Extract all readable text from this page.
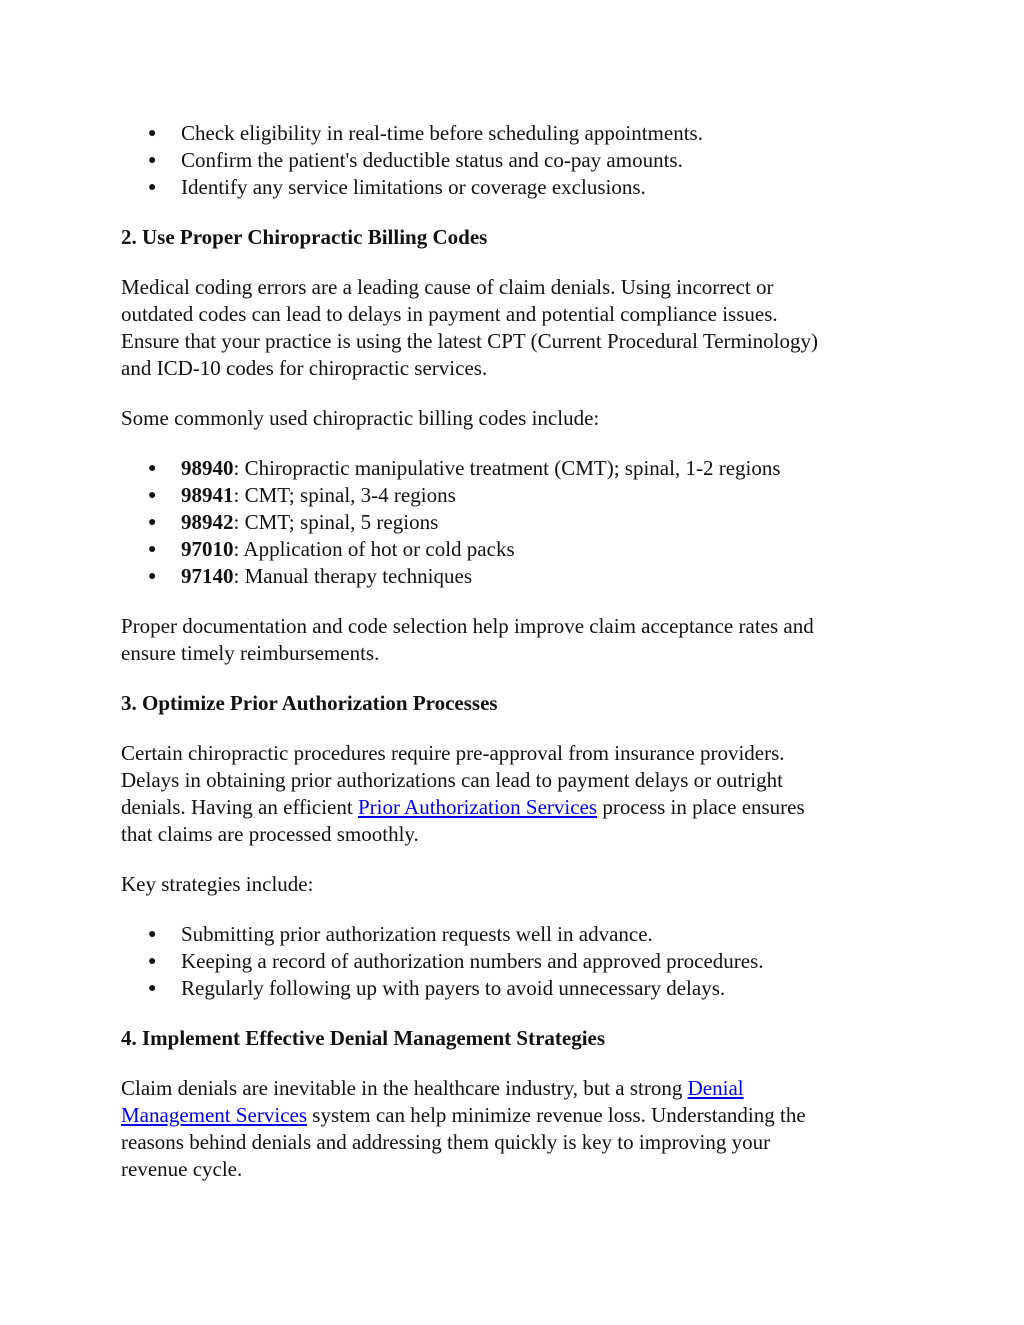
● Check eligibility in real-time before scheduling appointments.
● Confirm the patient's deductible status and co-pay amounts.
● Identify any service limitations or coverage exclusions.
2. Use Proper Chiropractic Billing Codes

Medical coding errors are a leading cause of claim denials. Using incorrect or
outdated codes can lead to delays in payment and potential compliance issues.
Ensure that your practice is using the latest CPT (Current Procedural Terminology)
and ICD-10 codes for chiropractic services.

Some commonly used chiropractic billing codes include:

● 98940: Chiropractic manipulative treatment (CMT); spinal, 1-2 regions
● 98941: CMT; spinal, 3-4 regions
● 98942: CMT; spinal, 5 regions
● 97010: Application of hot or cold packs
● 97140: Manual therapy techniques

Proper documentation and code selection help improve claim acceptance rates and
ensure timely reimbursements.

3. Optimize Prior Authorization Processes

Certain chiropractic procedures require pre-approval from insurance providers.
Delays in obtaining prior authorizations can lead to payment delays or outright
denials. Having an efficient Prior Authorization Services process in place ensures
that claims are processed smoothly.

Key strategies include:

● Submitting prior authorization requests well in advance.
● Keeping a record of authorization numbers and approved procedures.
● Regularly following up with payers to avoid unnecessary delays.
4. Implement Effective Denial Management Strategies

Claim denials are inevitable in the healthcare industry, but a strong Denial
Management Services system can help minimize revenue loss. Understanding the
reasons behind denials and addressing them quickly is key to improving your
revenue cycle.
